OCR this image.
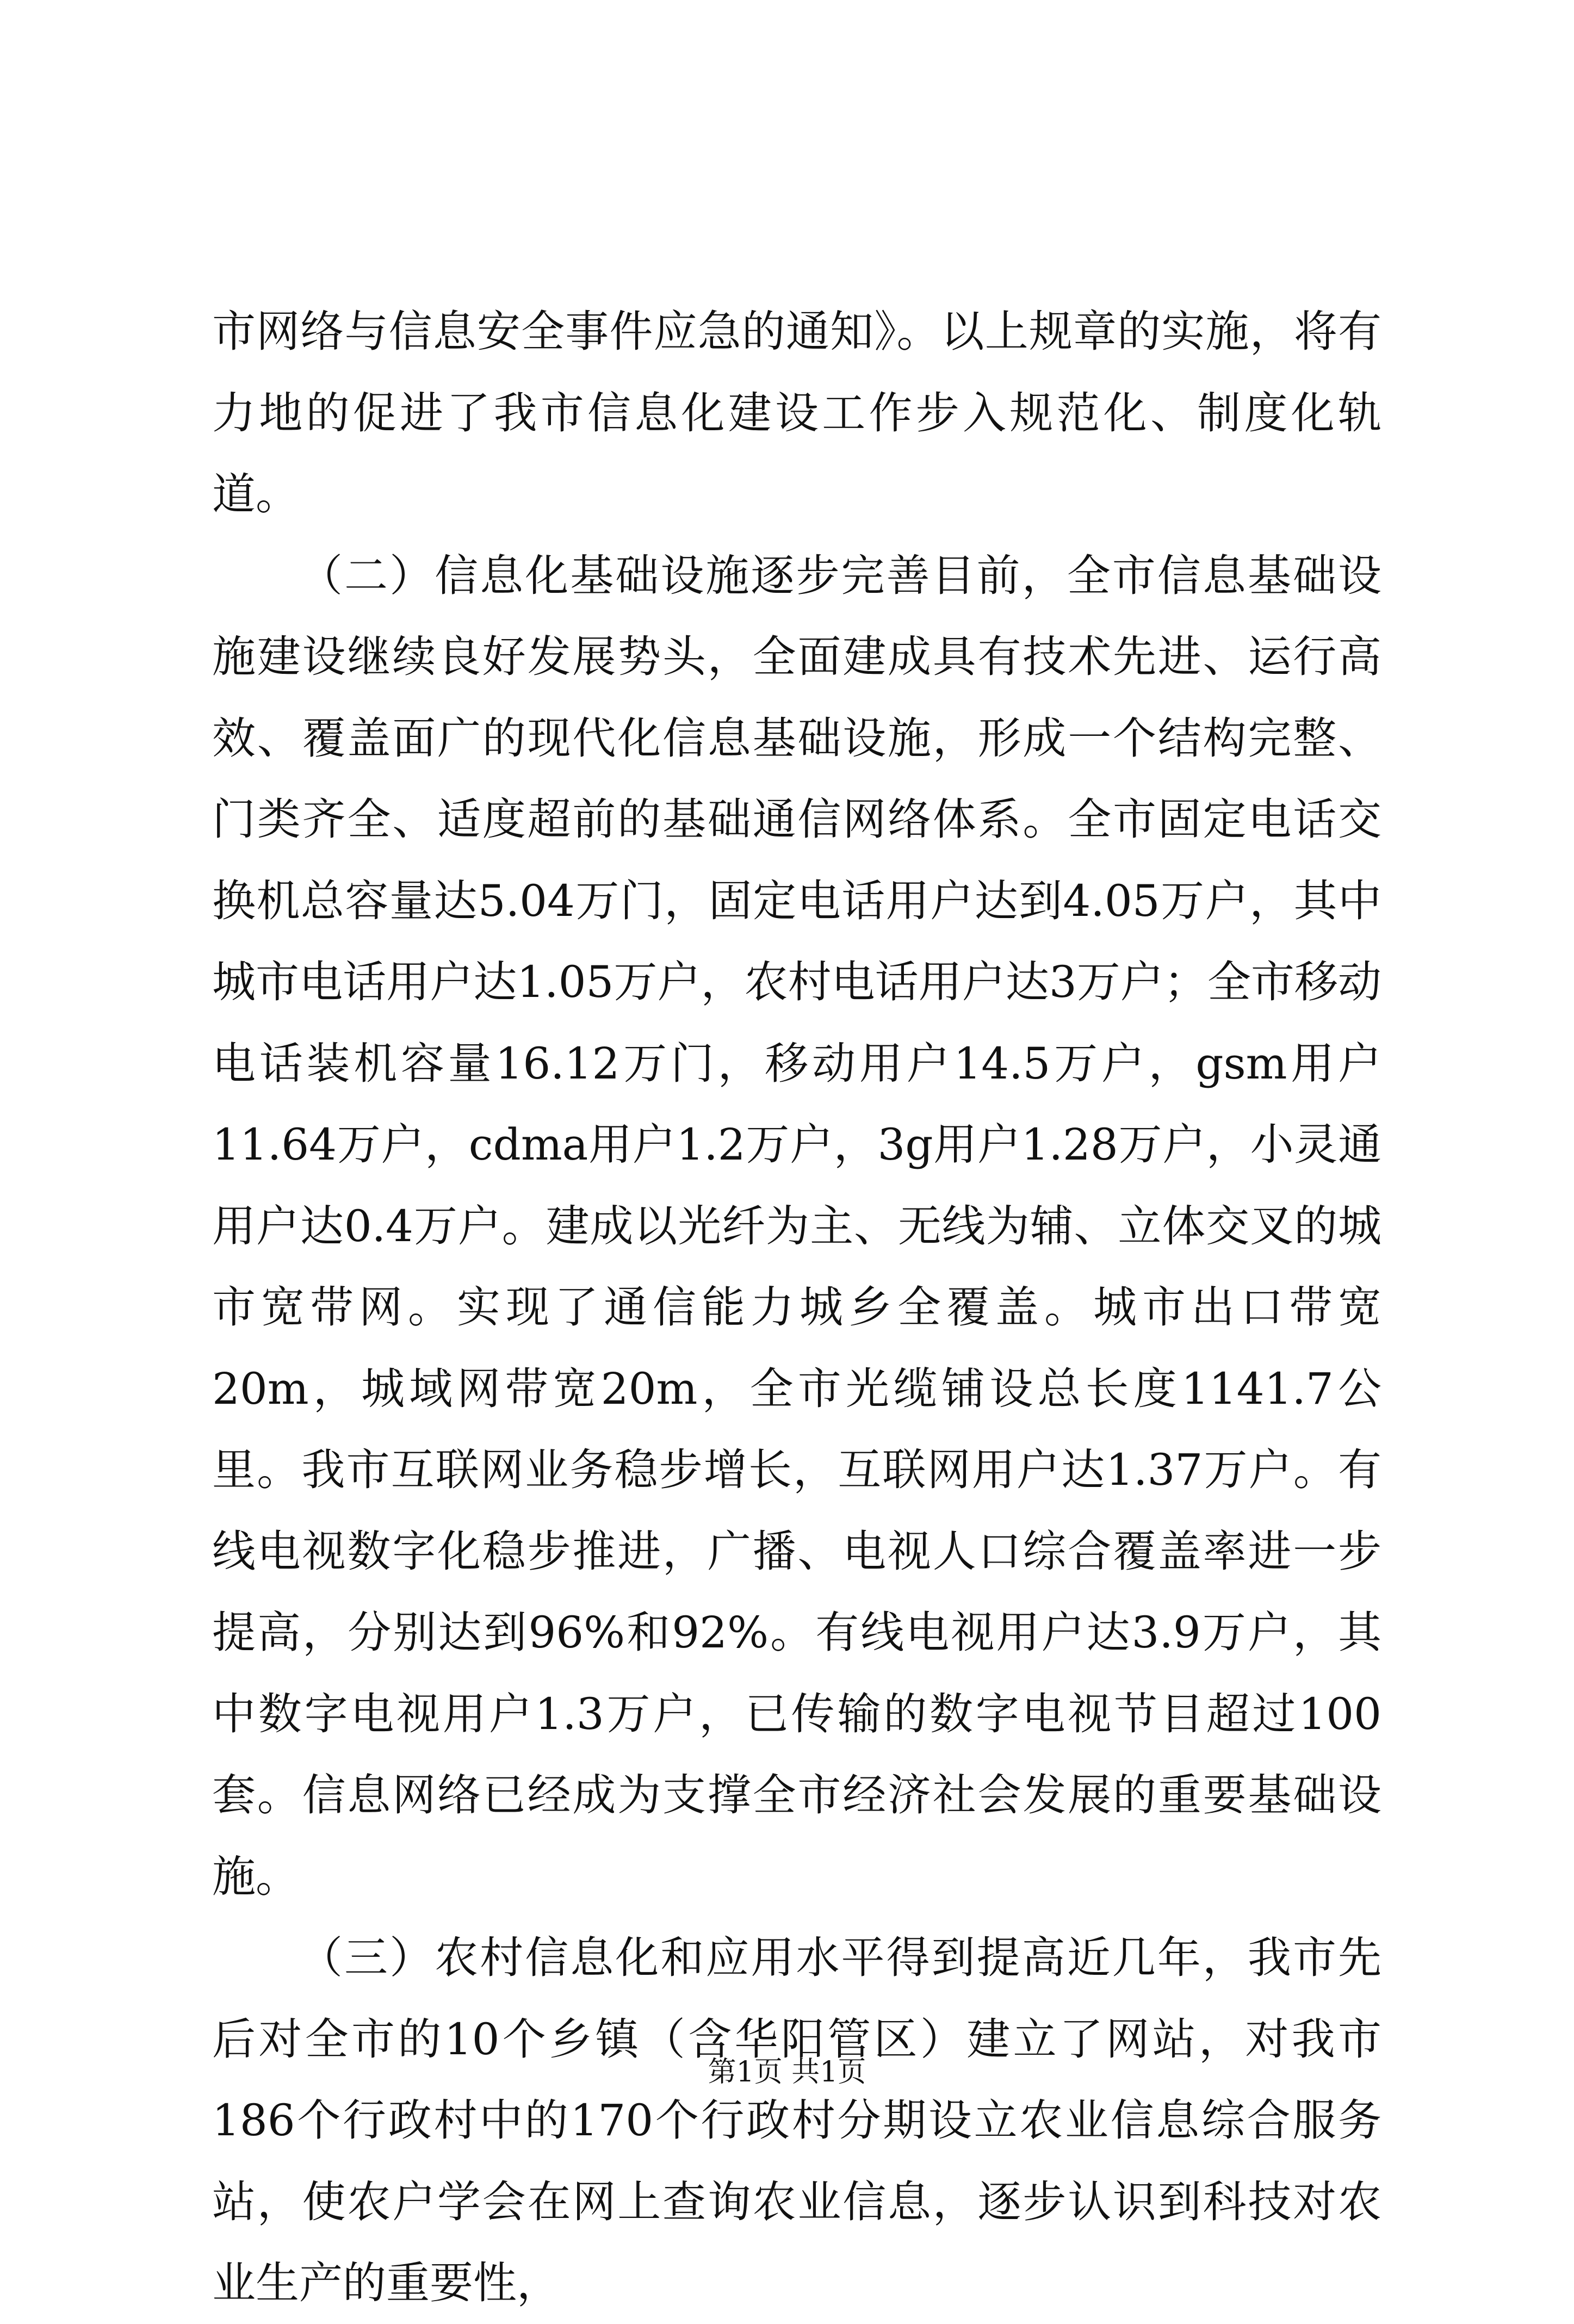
市网络与信息安全事件应急的通知》。以上规章的实施，将有力地的促进了我市信息化建设工作步入规范化、制度化轨道。

（二）信息化基础设施逐步完善目前，全市信息基础设施建设继续良好发展势头，全面建成具有技术先进、运行高效、覆盖面广的现代化信息基础设施，形成一个结构完整、门类齐全、适度超前的基础通信网络体系。全市固定电话交换机总容量达5.04万门，固定电话用户达到4.05万户，其中城市电话用户达1.05万户，农村电话用户达3万户；全市移动电话装机容量16.12万门，移动用户14.5万户，gsm用户11.64万户，cdma用户1.2万户，3g用户1.28万户，小灵通用户达0.4万户。建成以光纤为主、无线为辅、立体交叉的城市宽带网。实现了通信能力城乡全覆盖。城市出口带宽20m，城域网带宽20m，全市光缆铺设总长度1141.7公里。我市互联网业务稳步增长，互联网用户达1.37万户。有线电视数字化稳步推进，广播、电视人口综合覆盖率进一步提高，分别达到96%和92%。有线电视用户达3.9万户，其中数字电视用户1.3万户，已传输的数字电视节目超过100套。信息网络已经成为支撑全市经济社会发展的重要基础设施。

（三）农村信息化和应用水平得到提高近几年，我市先后对全市的10个乡镇（含华阳管区）建立了网站，对我市186个行政村中的170个行政村分期设立农业信息综合服务站，使农户学会在网上查询农业信息，逐步认识到科技对农业生产的重要性，

第1页 共1页
